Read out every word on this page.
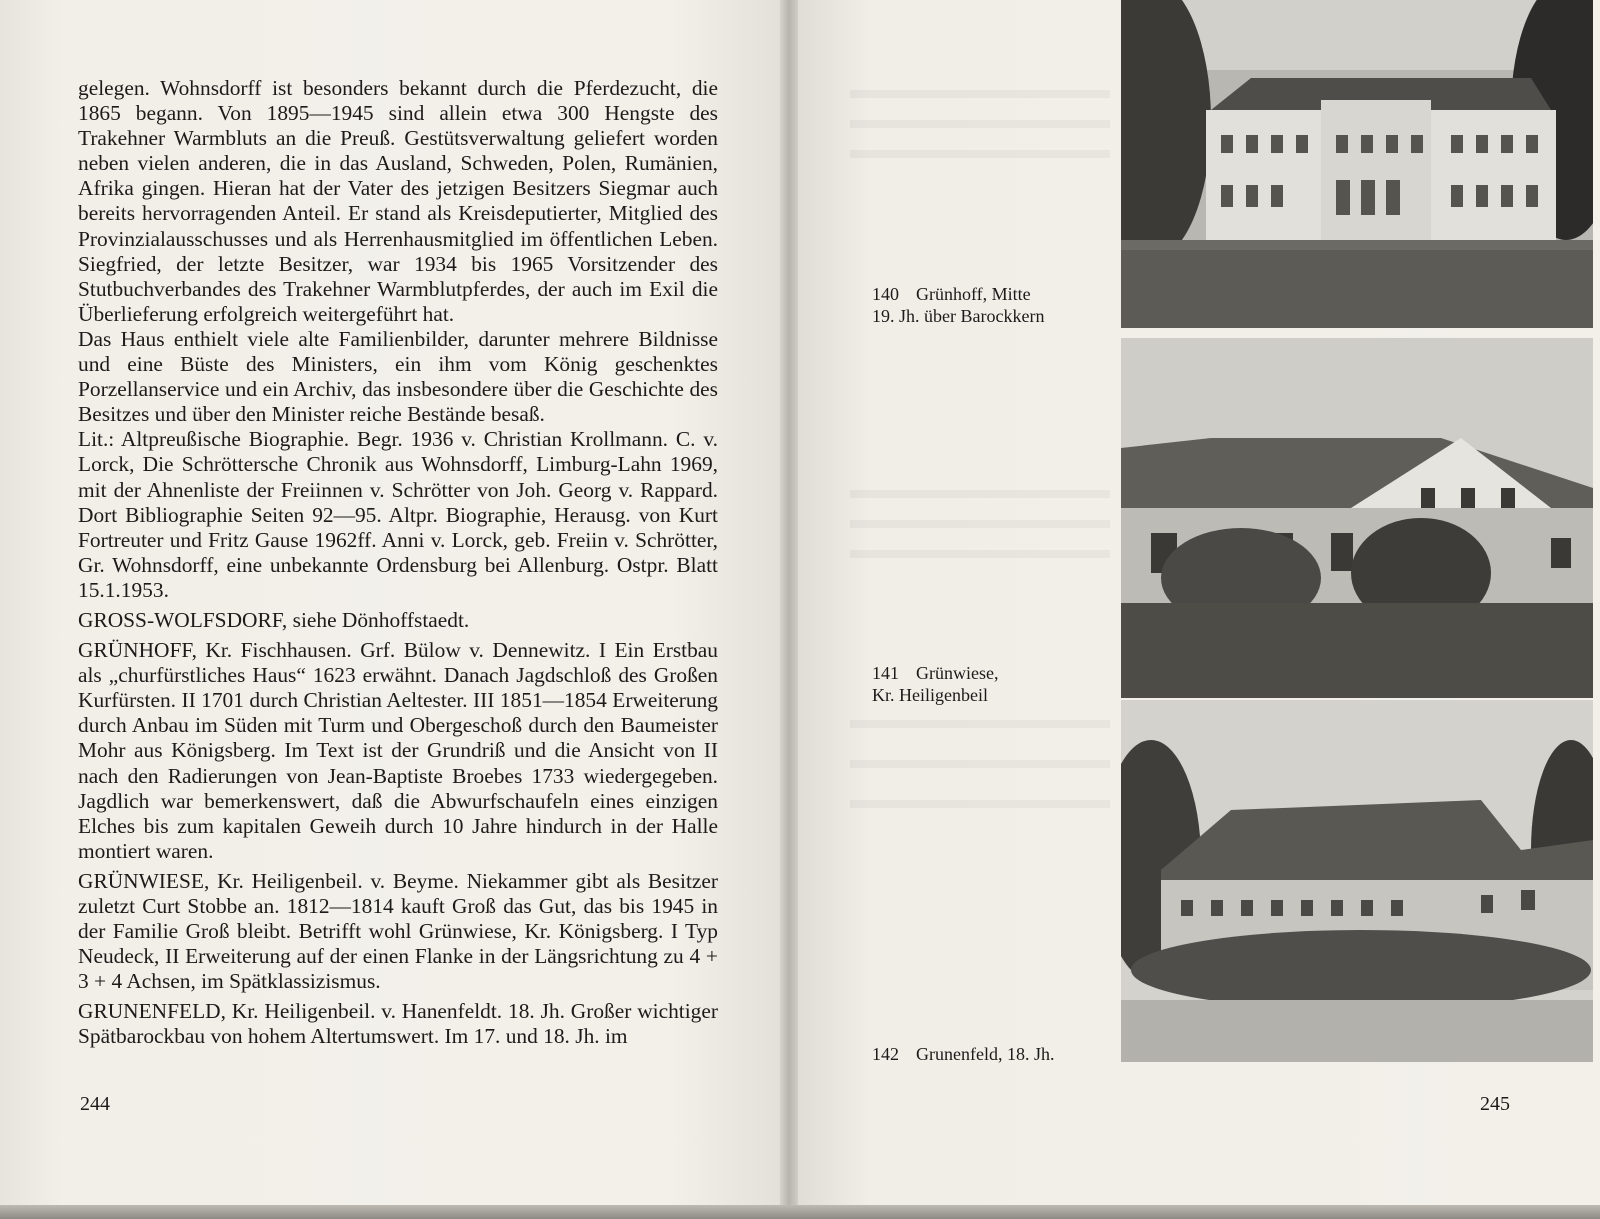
gelegen. Wohnsdorff ist besonders bekannt durch die Pferdezucht, die 1865 begann. Von 1895—1945 sind allein etwa 300 Hengste des Trakehner Warmbluts an die Preuß. Gestütsverwaltung geliefert worden neben vielen anderen, die in das Ausland, Schweden, Polen, Rumänien, Afrika gingen. Hieran hat der Vater des jetzigen Besitzers Siegmar auch bereits hervorragenden Anteil. Er stand als Kreisdeputierter, Mitglied des Provinzialausschusses und als Herrenhausmitglied im öffentlichen Leben. Siegfried, der letzte Besitzer, war 1934 bis 1965 Vorsitzender des Stutbuchverbandes des Trakehner Warmblutpferdes, der auch im Exil die Überlieferung erfolgreich weitergeführt hat.

Das Haus enthielt viele alte Familienbilder, darunter mehrere Bildnisse und eine Büste des Ministers, ein ihm vom König geschenktes Porzellanservice und ein Archiv, das insbesondere über die Geschichte des Besitzes und über den Minister reiche Bestände besaß.

Lit.: Altpreußische Biographie. Begr. 1936 v. Christian Krollmann. C. v. Lorck, Die Schröttersche Chronik aus Wohnsdorff, Limburg-Lahn 1969, mit der Ahnenliste der Freiinnen v. Schrötter von Joh. Georg v. Rappard. Dort Bibliographie Seiten 92—95. Altpr. Biographie, Herausg. von Kurt Fortreuter und Fritz Gause 1962ff. Anni v. Lorck, geb. Freiin v. Schrötter, Gr. Wohnsdorff, eine unbekannte Ordensburg bei Allenburg. Ostpr. Blatt 15.1.1953.

GROSS-WOLFSDORF, siehe Dönhoffstaedt.

GRÜNHOFF, Kr. Fischhausen. Grf. Bülow v. Dennewitz. I Ein Erstbau als „churfürstliches Haus“ 1623 erwähnt. Danach Jagdschloß des Großen Kurfürsten. II 1701 durch Christian Aeltester. III 1851—1854 Erweiterung durch Anbau im Süden mit Turm und Obergeschoß durch den Baumeister Mohr aus Königsberg. Im Text ist der Grundriß und die Ansicht von II nach den Radierungen von Jean-Baptiste Broebes 1733 wiedergegeben. Jagdlich war bemerkenswert, daß die Abwurfschaufeln eines einzigen Elches bis zum kapitalen Geweih durch 10 Jahre hindurch in der Halle montiert waren.

GRÜNWIESE, Kr. Heiligenbeil. v. Beyme. Niekammer gibt als Besitzer zuletzt Curt Stobbe an. 1812—1814 kauft Groß das Gut, das bis 1945 in der Familie Groß bleibt. Betrifft wohl Grünwiese, Kr. Königsberg. I Typ Neudeck, II Erweiterung auf der einen Flanke in der Längsrichtung zu 4 + 3 + 4 Achsen, im Spätklassizismus.

GRUNENFELD, Kr. Heiligenbeil. v. Hanenfeldt. 18. Jh. Großer wichtiger Spätbarockbau von hohem Altertumswert. Im 17. und 18. Jh. im

244	245
140 Grünhoff, Mitte
19. Jh. über Barockkern
141 Grünwiese,
Kr. Heiligenbeil
142 Grunenfeld, 18. Jh.
